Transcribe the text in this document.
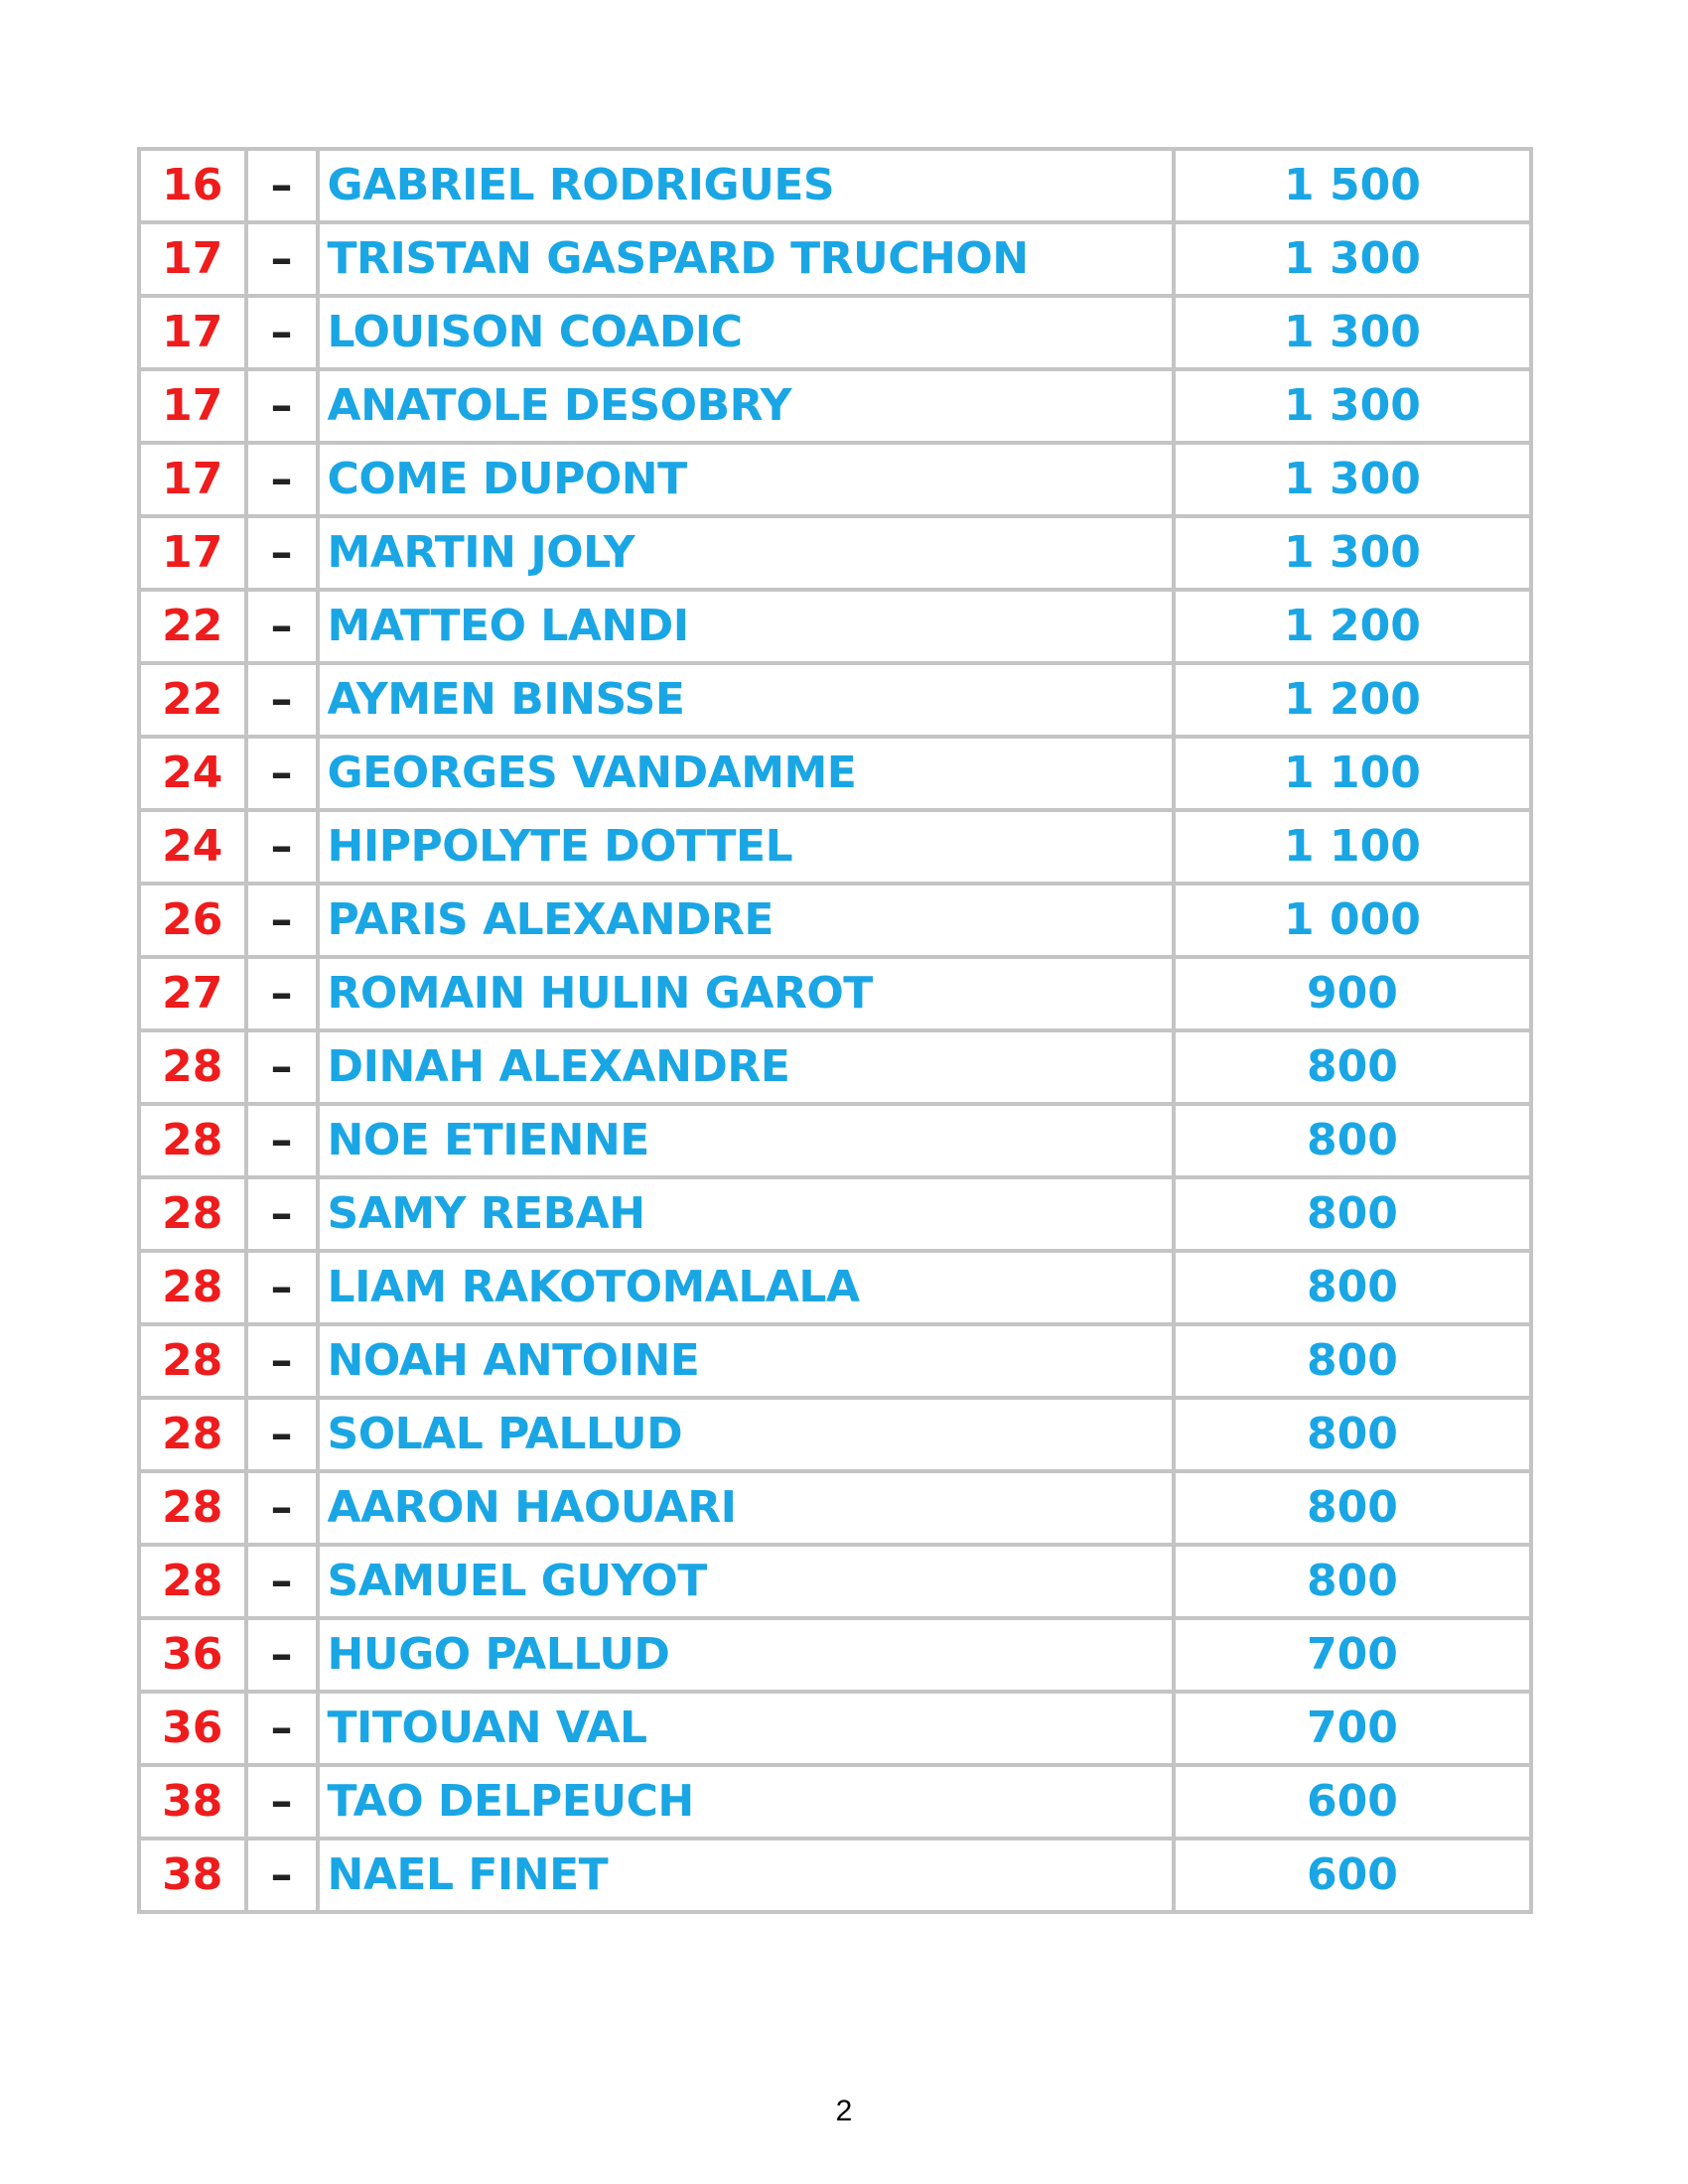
16	–	GABRIEL RODRIGUES	1 500
17	–	TRISTAN GASPARD TRUCHON	1 300
17	–	LOUISON COADIC	1 300
17	–	ANATOLE DESOBRY	1 300
17	–	COME DUPONT	1 300
17	–	MARTIN JOLY	1 300
22	–	MATTEO LANDI	1 200
22	–	AYMEN BINSSE	1 200
24	–	GEORGES VANDAMME	1 100
24	–	HIPPOLYTE DOTTEL	1 100
26	–	PARIS ALEXANDRE	1 000
27	–	ROMAIN HULIN GAROT	900
28	–	DINAH ALEXANDRE	800
28	–	NOE ETIENNE	800
28	–	SAMY REBAH	800
28	–	LIAM RAKOTOMALALA	800
28	–	NOAH ANTOINE	800
28	–	SOLAL PALLUD	800
28	–	AARON HAOUARI	800
28	–	SAMUEL GUYOT	800
36	–	HUGO PALLUD	700
36	–	TITOUAN VAL	700
38	–	TAO DELPEUCH	600
38	–	NAEL FINET	600
2
